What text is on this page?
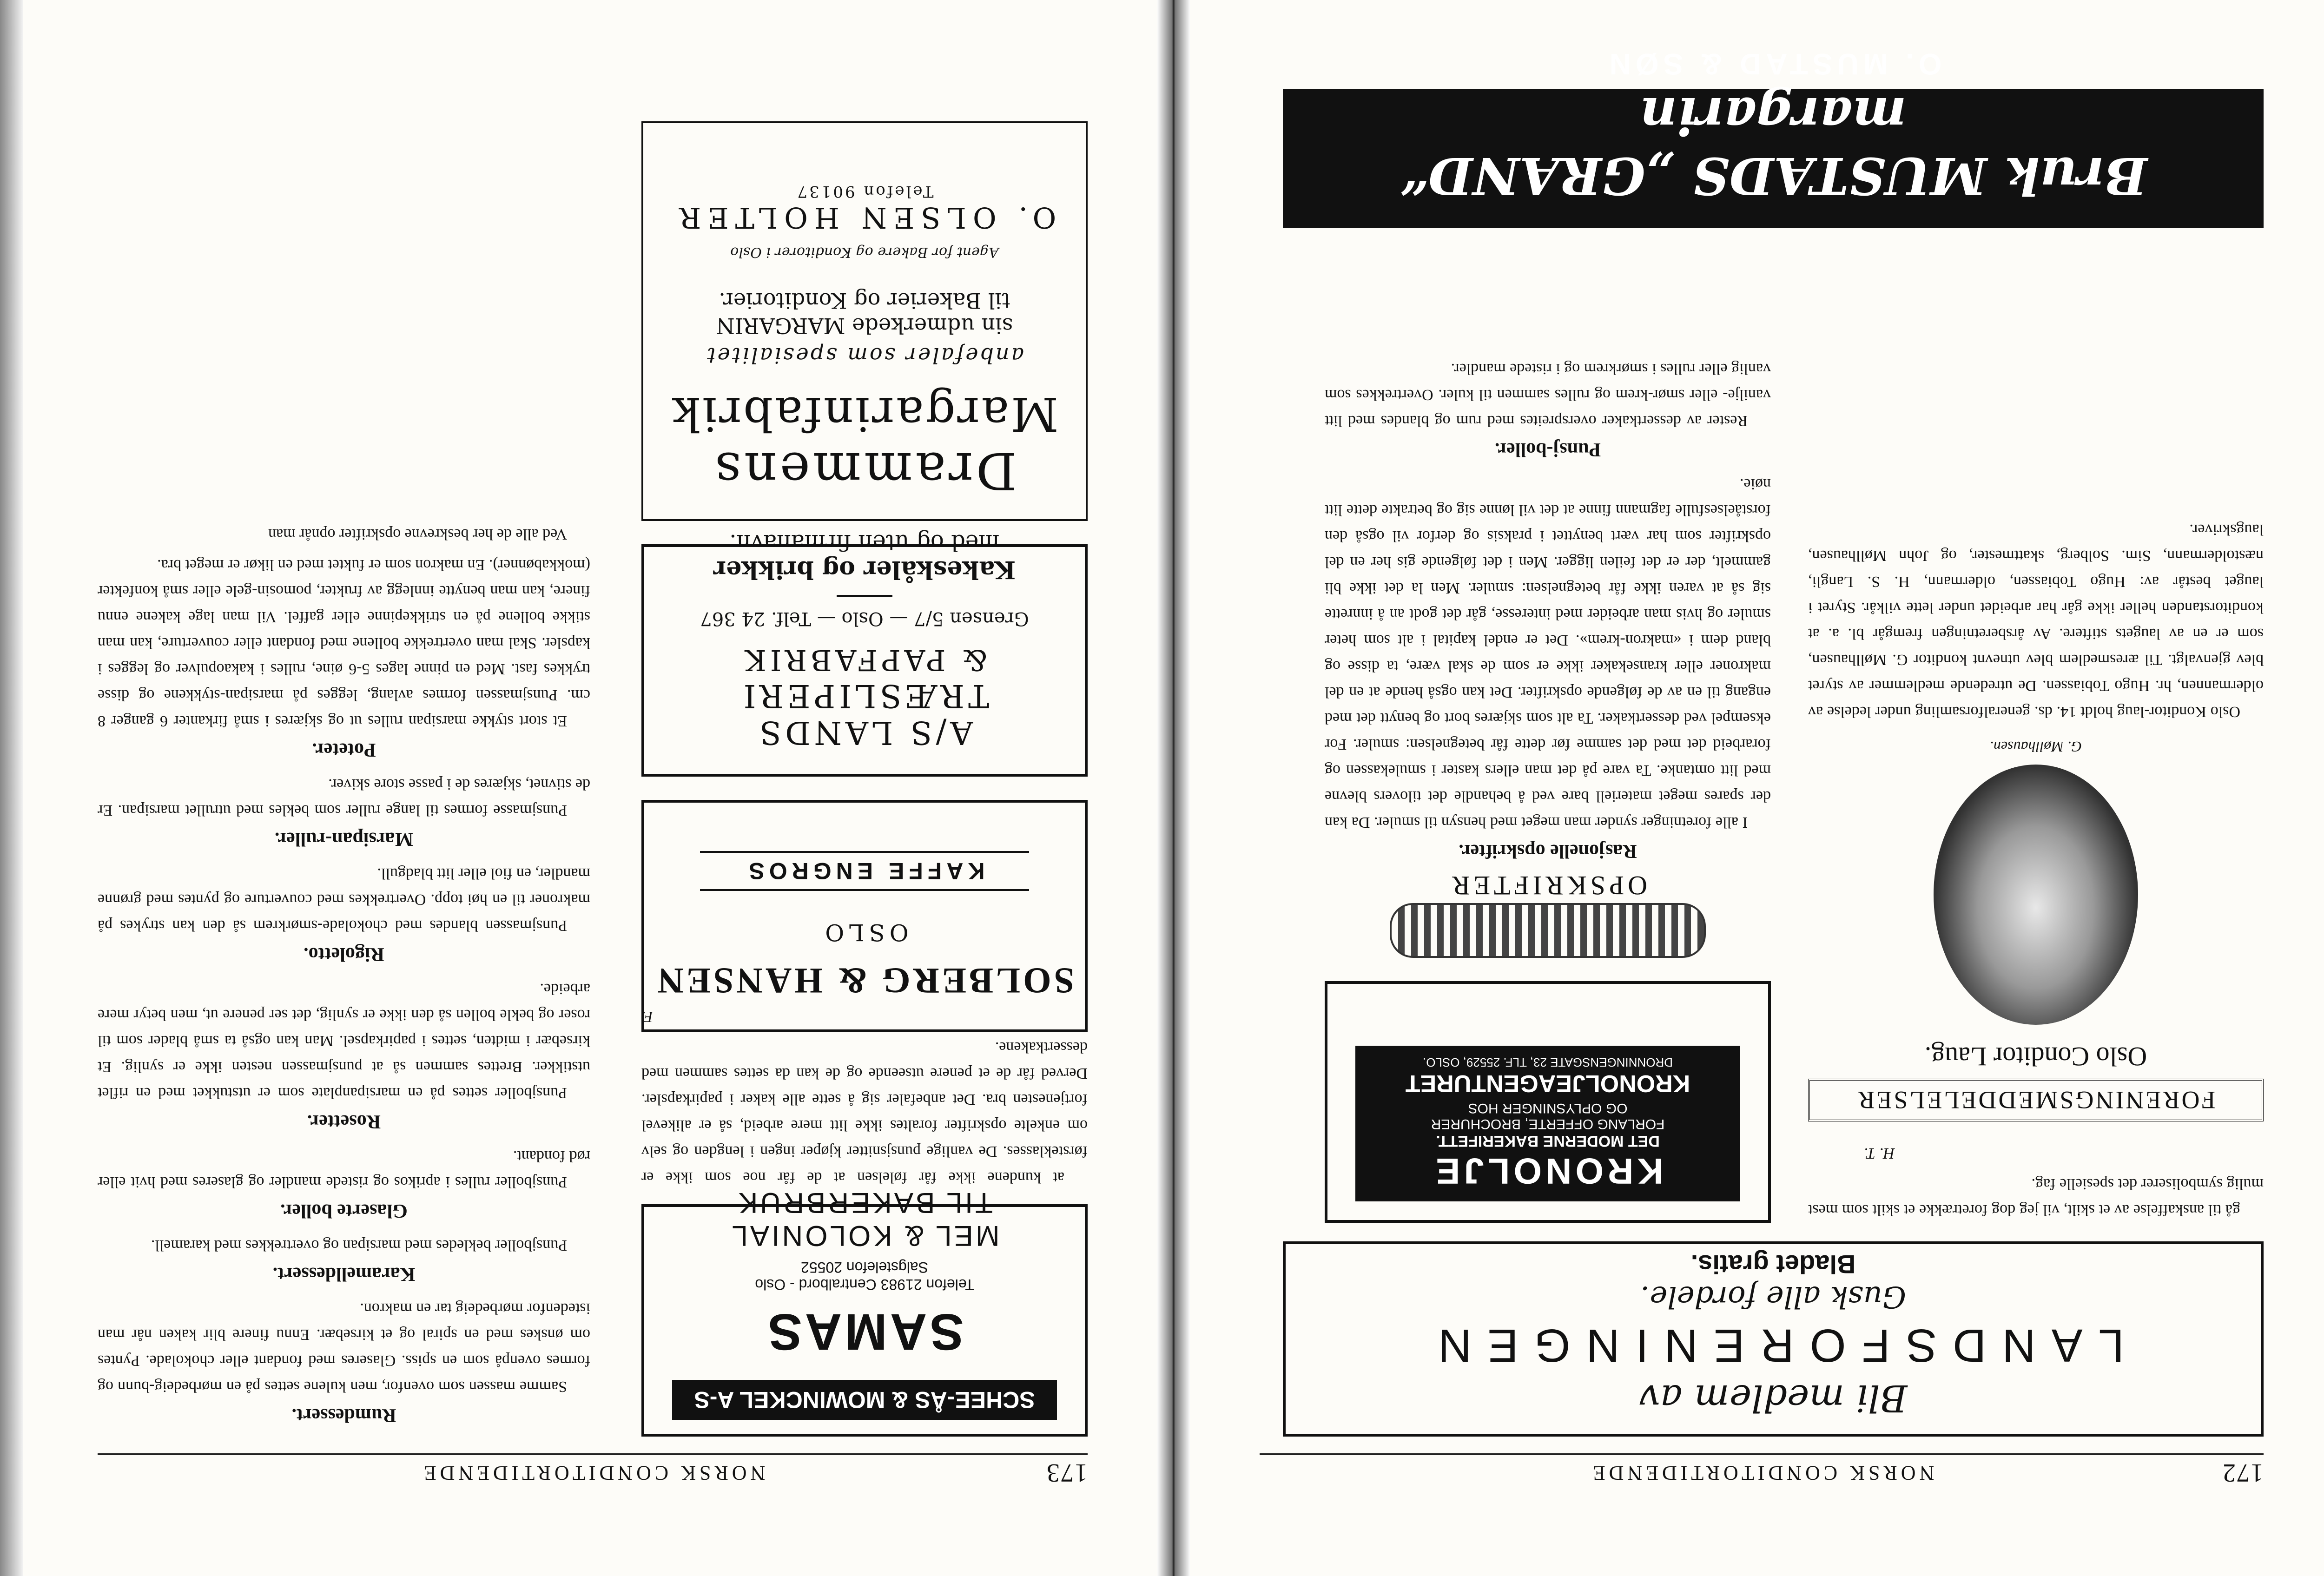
173
NORSK CONDITORTIDENDE
SCHEE-ÅS & MOWINCKEL A-S
SAMAS
Telefon 21983 Centralbord - Oslo
Salgstelefon 20552
MEL & KOLONIAL
TIL BAKERBRUK

at kundene ikke får følelsen at de får noe som ikke er førsteklasses. De vanlige punsjsnitter kjøper ingen i lengden og selv om enkelte opskrifter foraltes ikke litt mere arbeid, så er alikevel fortjenesten bra. Det anbefaler sig å sette alle kaker i papirkapsler. Derved får de et penere utseende og de kan da settes sammen med dessertkakene.

F.
SOLBERG & HANSEN
OSLO
KAFFE ENGROS
A/S LANDS TRÆSLIPERI
& PAPFABRIK
Grensen 5/7 — Oslo — Telf. 24 367
Kakeskåler og brikker
med og uten firmanavn.
Drammens
Margarinfabrik
anbefaler som spesialitet
sin udmerkede MARGARIN
til Bakerier og Konditorier.
Agent for Bakere og Konditorer i Oslo
O. OLSEN HOLTER
Telefon 90137
Rumdessert.

Samme massen som ovenfor, men kulene settes på en mørbedeig-bunn og formes ovenpå som en spiss. Glaseres med fondant eller chokolade. Pyntes om ønskes med en spiral og et kirsebær. Ennu finere blir kaken når man istedenfor mørbedeig tar en makron.

Karamelldessert.

Punsjboller bekledes med marsipan og overtrekkes med karamell.

Glaserte boller.

Punsjboller rulles i aprikos og ristede mandler og glaseres med hvit eller rød fondant.

Rosetter.

Punsjboller settes på en marsipanplate som er utstukket med en riflet utstikker. Brettes sammen så at punsjmassen nesten ikke er synlig. Et kirsebær i midten, settes i papirkapsel. Man kan også ta små blader som til roser og bekle bollen så den ikke er synlig, det ser penere ut, men betyr mere arbeide.

Rigoletto.

Punsjmassen blandes med chokolade-smørkrem så den kan strykes på makroner til en høi topp. Overtrekkes med couverture og pyntes med grønne mandler, en fiol eller litt bladgull.

Marsipan-ruller.

Punsjmasse formes til lange ruller som bekles med utrullet marsipan. Er de stivnet, skjæres de i passe store skiver.

Poteter.

Et stort stykke marsipan rulles ut og skjæres i små firkanter 6 ganger 8 cm. Punsjmassen formes avlang, legges på marsipan-stykkene og disse trykkes fast. Med en pinne lages 5-6 øine, rulles i kakaopulver og legges i kapsler. Skal man overtrekke bollene med fondant eller couverture, kan man stikke bollene på en strikkepinne eller gaffel. Vil man lage kakene ennu finere, kan man benytte innlegg av frukter, pomosin-gele eller små konfekter (mokkabønner). En makron som er fuktet med en likør er meget bra.

Ved alle de her beskrevne opskrifter opnår man

172
NORSK CONDITORTIDENDE
Bli medlem av
LANDSFORENINGEN
Gusk alle fordele.
Bladet gratis.

gå til anskaffelse av et skilt, vil jeg dog foretrække et skilt som mest mulig symboliserer det spesielle fag.

H. T.
FORENINGSMEDDELELSER
Oslo Conditor Laug.
G. Møllhausen.

Oslo Konditor-laug holdt 14. ds. generalforsamling under ledelse av oldermannen, hr. Hugo Tobiassen. De utredende medlemmer av styret blev gjenvalgt. Til æresmedlem blev utnevnt konditor G. Møllhausen, som er en av laugets stiftere. Av årsberetningen fremgår bl. a. at konditorstanden heller ikke går har arbeidet under lette vilkår. Styret i lauget består av: Hugo Tobiassen, oldermann, H. S. Langli, næstoldermann, Sim. Solberg, skattmester, og John Møllhausen, laugskriver.

KRONOLJE
DET MODERNE BAKERIFETT.
FORLANG OFFERTE, BROCHURER
OG OPLYSNINGER HOS
KRONOLJEAGENTURET
DRONNINGENSGATE 23, TLF. 25529, OSLO.
OPSKRIFTER
Rasjonelle opskrifter.

I alle foretninger synder man meget med hensyn til smuler. Da kan der spares meget materiell bare ved å behandle det tilovers blevne med litt omtanke. Ta vare på det man ellers kaster i smulekassen og forarbeid det med det samme før dette får betegnelsen: smuler. For eksempel ved dessertkaker. Ta alt som skjæres bort og benytt det med engang til en av de følgende opskrifter. Det kan også hende at en del makroner eller kransekaker ikke er som de skal være, ta disse og bland dem i «makron-krem». Det er endel kapital i alt som heter smuler og hvis man arbeider med interesse, går det godt an å innrette sig så at varen ikke får betegnelsen: smuler. Men la det ikke bli gammelt, der er det feilen ligger. Men i det følgende gis her en del opskrifter som har vært benyttet i praksis og derfor vil også den forståelsesfulle fagmann finne at det vil lønne sig og betrakte dette litt nøie.

Punsj-boller.

Rester av dessertkaker overspreites med rum og blandes med litt vanilje- eller smør-krem og rulles sammen til kuler. Overtrekkes som vanlig eller rulles i smørkrem og i ristede mandler.

Bruk MUSTADS „GRAND“ margarin
O. MUSTAD & SØN
